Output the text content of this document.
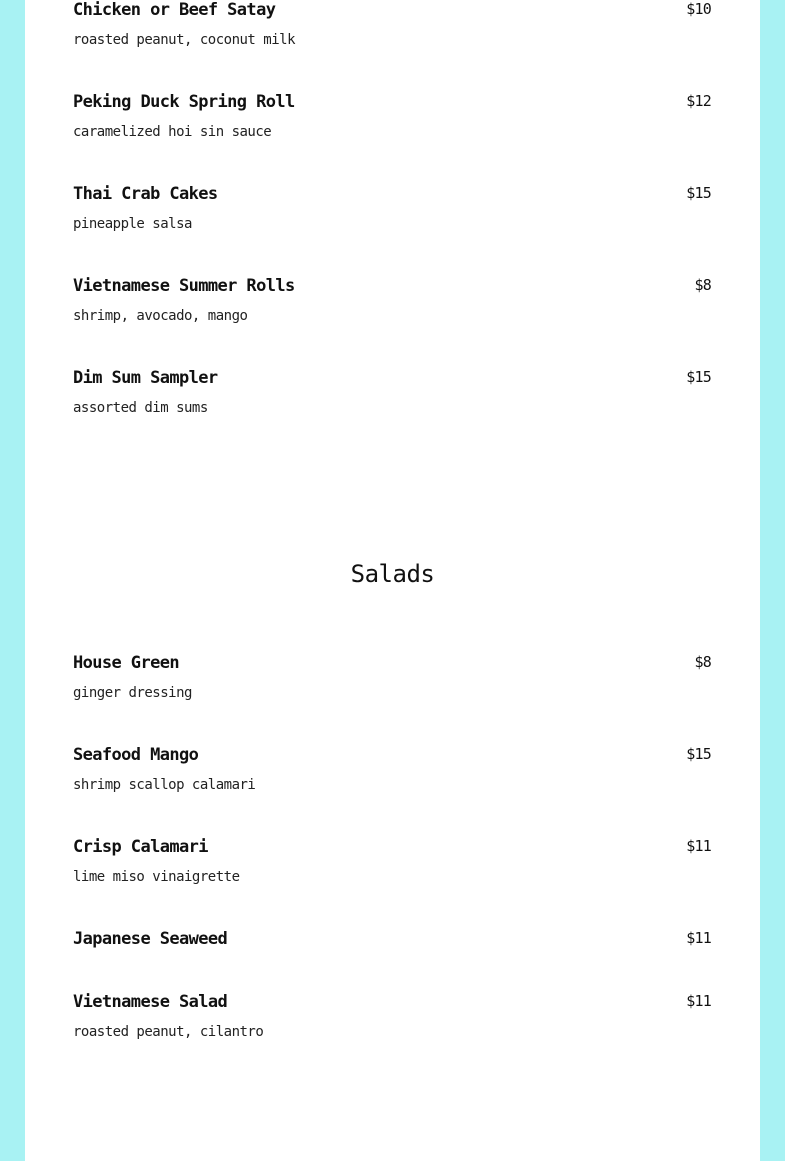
Chicken or Beef Satay	$10
roasted peanut, coconut milk
Peking Duck Spring Roll	$12
caramelized hoi sin sauce
Thai Crab Cakes	$15
pineapple salsa
Vietnamese Summer Rolls	$8
shrimp, avocado, mango
Dim Sum Sampler	$15
assorted dim sums
Salads
House Green	$8
ginger dressing
Seafood Mango	$15
shrimp scallop calamari
Crisp Calamari	$11
lime miso vinaigrette
Japanese Seaweed	$11
Vietnamese Salad	$11
roasted peanut, cilantro
